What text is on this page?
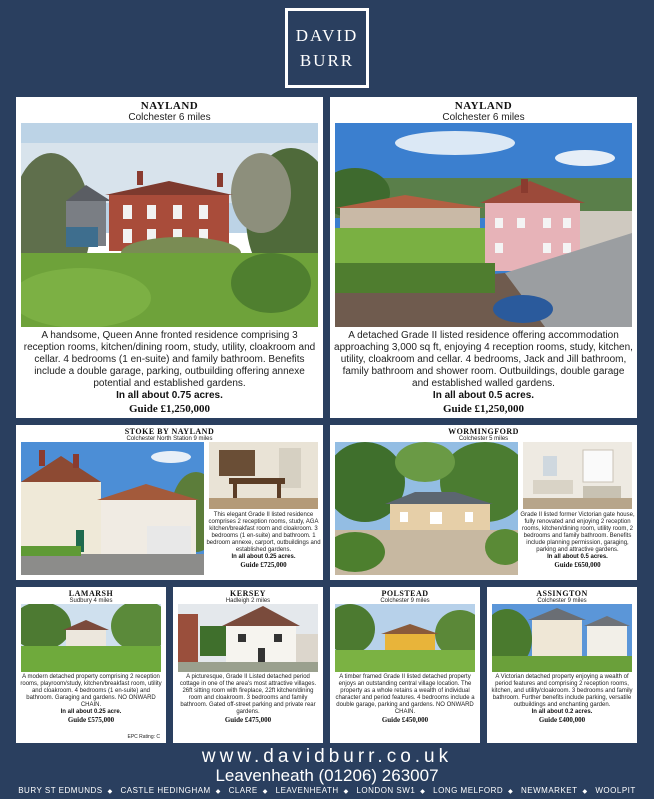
DAVID
BURR
NAYLAND
Colchester 6 miles
A handsome, Queen Anne fronted residence comprising 3 reception rooms, kitchen/dining room, study, utility, cloakroom and cellar. 4 bedrooms (1 en-suite) and family bathroom. Benefits include a double garage, parking, outbuilding offering annexe potential and established gardens.
In all about 0.75 acres.
Guide £1,250,000
NAYLAND
Colchester 6 miles
A detached Grade II listed residence offering accommodation approaching 3,000 sq ft, enjoying 4 reception rooms, study, kitchen, utility, cloakroom and cellar. 4 bedrooms, Jack and Jill bathroom, family bathroom and shower room. Outbuildings, double garage and established walled gardens.
In all about 0.5 acres.
Guide £1,250,000
STOKE BY NAYLAND
Colchester North Station 9 miles
This elegant Grade II listed residence comprises 2 reception rooms, study, AGA kitchen/breakfast room and cloakroom. 3 bedrooms (1 en-suite) and bathroom. 1 bedroom annexe, carport, outbuildings and established gardens.
In all about 0.25 acres.
Guide £725,000
WORMINGFORD
Colchester 5 miles
Grade II listed former Victorian gate house, fully renovated and enjoying 2 reception rooms, kitchen/dining room, utility room, 2 bedrooms and family bathroom. Benefits include planning permission, garaging, parking and attractive gardens.
In all about 0.5 acres.
Guide £650,000
LAMARSH
Sudbury 4 miles
A modern detached property comprising 2 reception rooms, playroom/study, kitchen/breakfast room, utility and cloakroom. 4 bedrooms (1 en-suite) and bathroom. Garaging and gardens. NO ONWARD CHAIN.
In all about 0.25 acre.
Guide £575,000
EPC Rating: C
KERSEY
Hadleigh 2 miles
A picturesque, Grade II Listed detached period cottage in one of the area's most attractive villages. 26ft sitting room with fireplace, 22ft kitchen/dining room and cloakroom. 3 bedrooms and family bathroom. Gated off-street parking and private rear gardens.
Guide £475,000
POLSTEAD
Colchester 9 miles
A timber framed Grade II listed detached property enjoys an outstanding central village location. The property as a whole retains a wealth of individual character and period features. 4 bedrooms include a double garage, parking and gardens. NO ONWARD CHAIN.
Guide £450,000
ASSINGTON
Colchester 9 miles
A Victorian detached property enjoying a wealth of period features and comprising 2 reception rooms, kitchen, and utility/cloakroom. 3 bedrooms and family bathroom. Further benefits include parking, versatile outbuildings and enchanting garden.
In all about 0.2 acres.
Guide £400,000
www.davidburr.co.uk
Leavenheath (01206) 263007
BURY ST EDMUNDS ◆ CASTLE HEDINGHAM ◆ CLARE ◆ LEAVENHEATH ◆ LONDON SW1 ◆ LONG MELFORD ◆ NEWMARKET ◆ WOOLPIT
